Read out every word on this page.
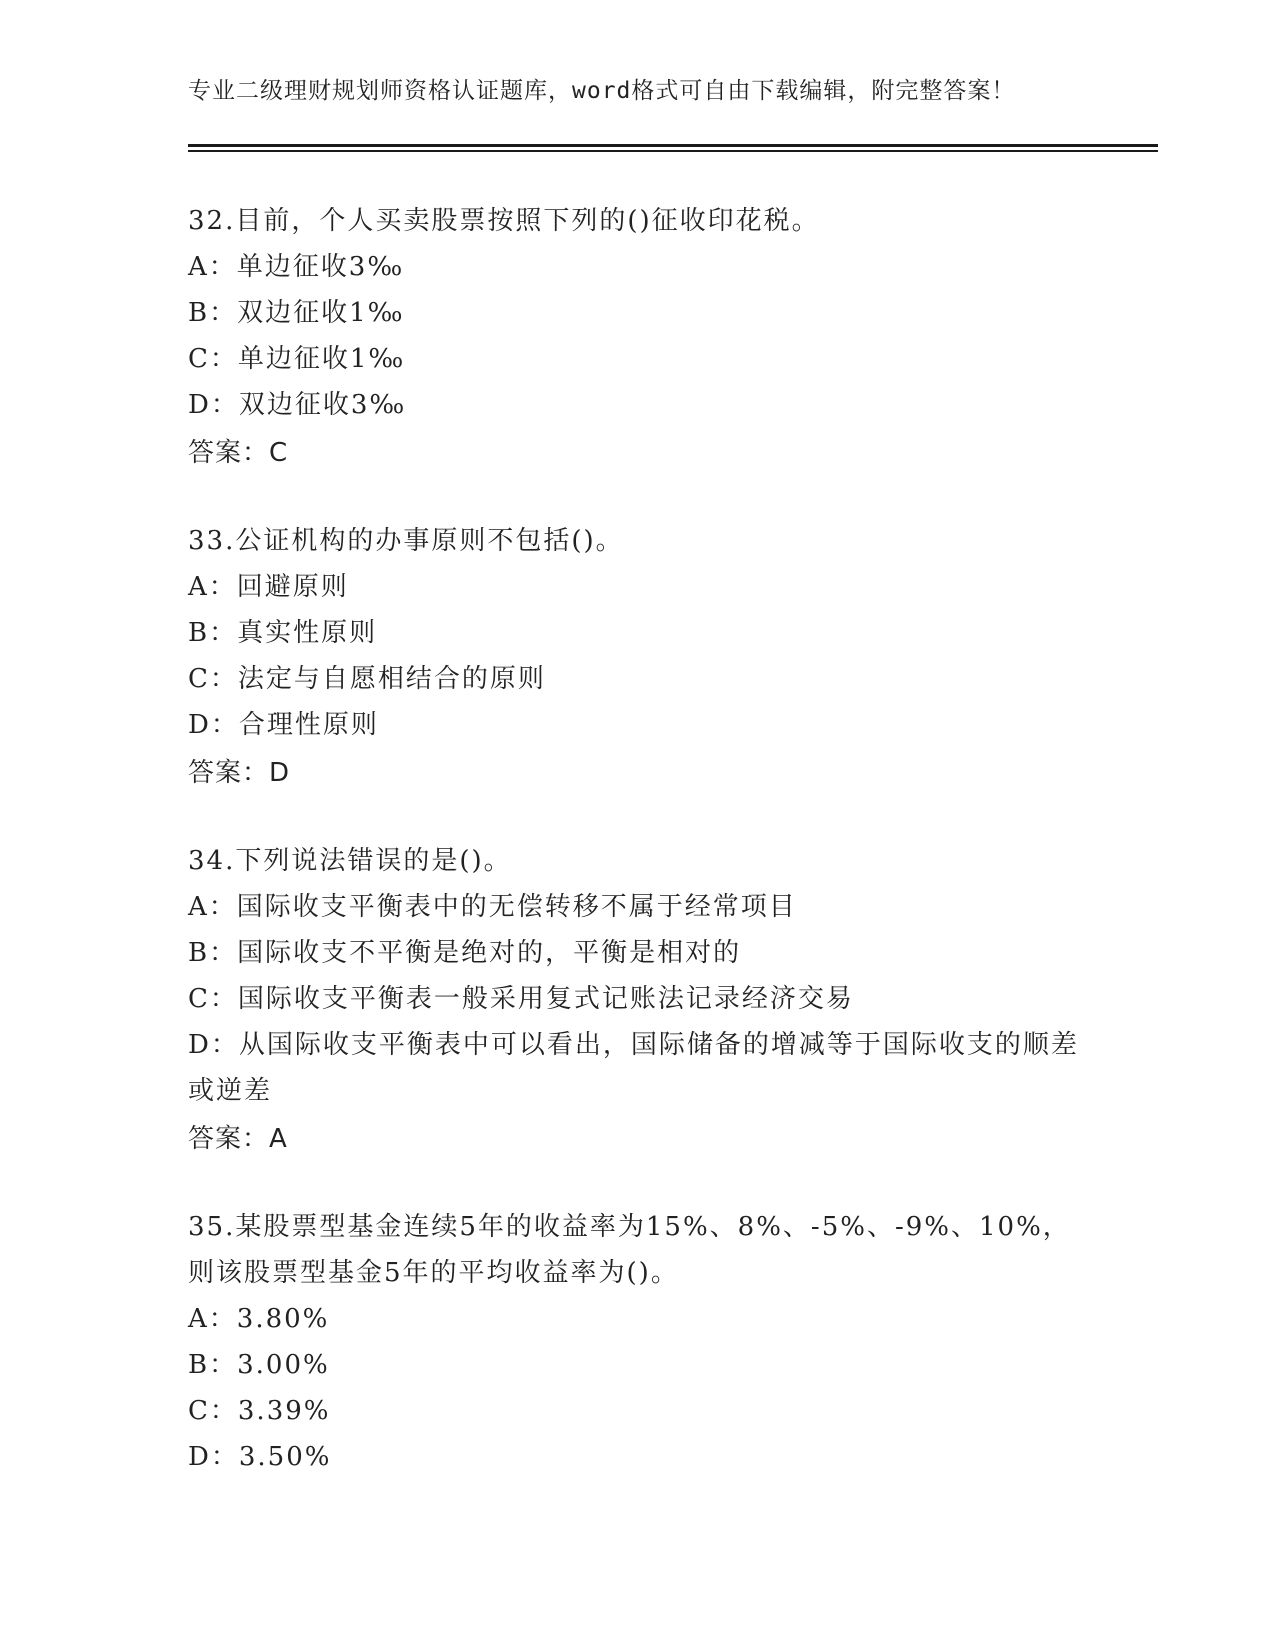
专业二级理财规划师资格认证题库，word格式可自由下载编辑，附完整答案！
32.目前，个人买卖股票按照下列的()征收印花税。
A：单边征收3‰
B：双边征收1‰
C：单边征收1‰
D：双边征收3‰
答案：C
33.公证机构的办事原则不包括()。
A：回避原则
B：真实性原则
C：法定与自愿相结合的原则
D：合理性原则
答案：D
34.下列说法错误的是()。
A：国际收支平衡表中的无偿转移不属于经常项目
B：国际收支不平衡是绝对的，平衡是相对的
C：国际收支平衡表一般采用复式记账法记录经济交易
D：从国际收支平衡表中可以看出，国际储备的增减等于国际收支的顺差或逆差
答案：A
35.某股票型基金连续5年的收益率为15%、8%、-5%、-9%、10%，则该股票型基金5年的平均收益率为()。
A：3.80%
B：3.00%
C：3.39%
D：3.50%
